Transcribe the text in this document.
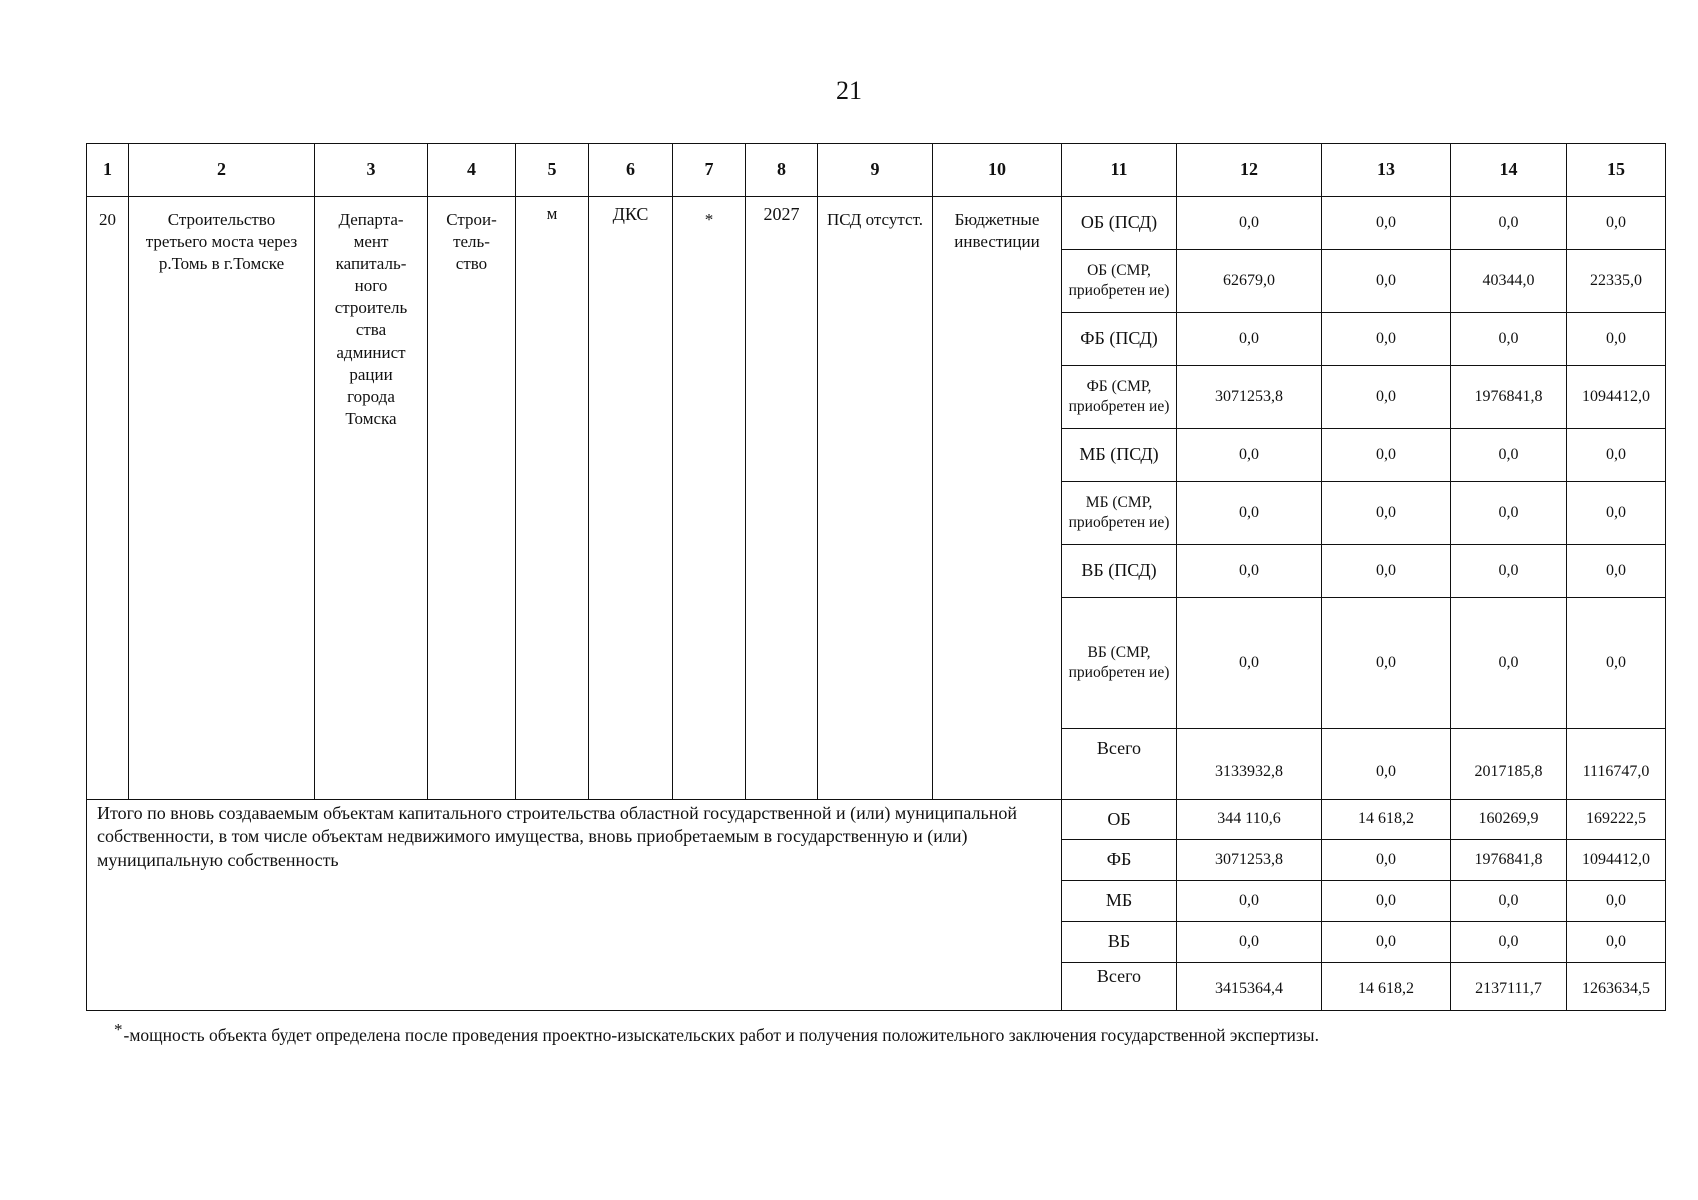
21
1	2	3	4	5	6	7	8	9	10	11	12	13	14	15
20	Строительство третьего моста через р.Томь в г.Томске	Департа-мент капиталь-ного строитель ства админист рации города Томска	Строи-тель-ство	м	ДКС	*	2027	ПСД отсутст.	Бюджетные инвестиции	ОБ (ПСД)	0,0	0,0	0,0	0,0
										ОБ (СМР, приобретен ие)	62679,0	0,0	40344,0	22335,0
										ФБ (ПСД)	0,0	0,0	0,0	0,0
										ФБ (СМР, приобретен ие)	3071253,8	0,0	1976841,8	1094412,0
										МБ (ПСД)	0,0	0,0	0,0	0,0
										МБ (СМР, приобретен ие)	0,0	0,0	0,0	0,0
										ВБ (ПСД)	0,0	0,0	0,0	0,0
										ВБ (СМР, приобретен ие)	0,0	0,0	0,0	0,0
										Всего	3133932,8	0,0	2017185,8	1116747,0
Итого по вновь создаваемым объектам капитального строительства областной государственной и (или) муниципальной собственности, в том числе объектам недвижимого имущества, вновь приобретаемым в государственную и (или) муниципальную собственность										ОБ	344 110,6	14 618,2	160269,9	169222,5
										ФБ	3071253,8	0,0	1976841,8	1094412,0
										МБ	0,0	0,0	0,0	0,0
										ВБ	0,0	0,0	0,0	0,0
										Всего	3415364,4	14 618,2	2137111,7	1263634,5
*-мощность объекта будет определена после проведения проектно-изыскательских работ и получения положительного заключения государственной экспертизы.
